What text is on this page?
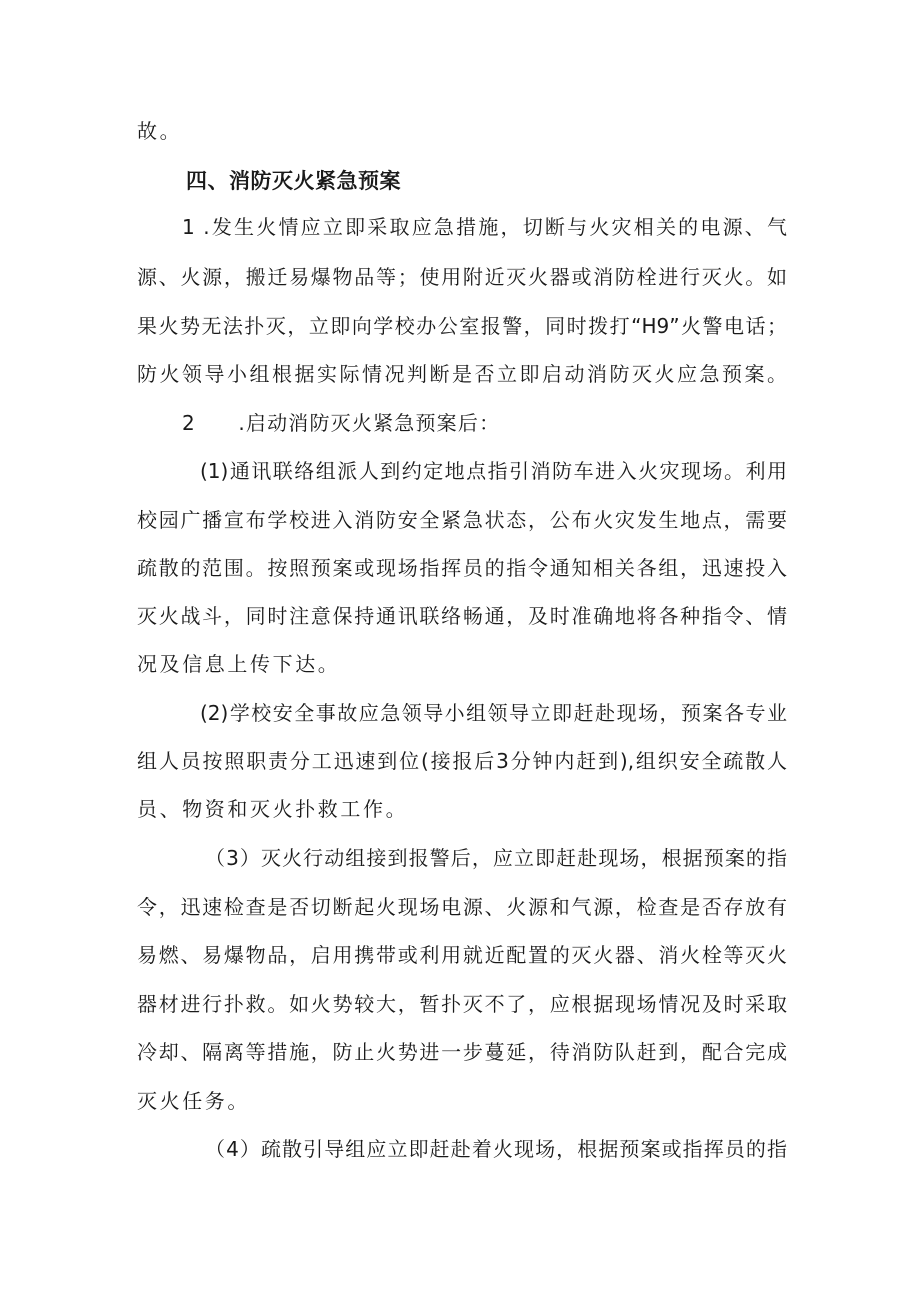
故。
四、消防灭火紧急预案
1 .发生火情应立即采取应急措施，切断与火灾相关的电源、气
源、火源，搬迁易爆物品等；使用附近灭火器或消防栓进行灭火。如
果火势无法扑灭，立即向学校办公室报警，同时拨打“H9”火警电话；
防火领导小组根据实际情况判断是否立即启动消防灭火应急预案。
2　　.启动消防灭火紧急预案后：
(1)通讯联络组派人到约定地点指引消防车进入火灾现场。利用
校园广播宣布学校进入消防安全紧急状态，公布火灾发生地点，需要
疏散的范围。按照预案或现场指挥员的指令通知相关各组，迅速投入
灭火战斗，同时注意保持通讯联络畅通，及时准确地将各种指令、情
况及信息上传下达。
(2)学校安全事故应急领导小组领导立即赶赴现场，预案各专业
组人员按照职责分工迅速到位(接报后3分钟内赶到),组织安全疏散人
员、物资和灭火扑救工作。
（3）灭火行动组接到报警后，应立即赶赴现场，根据预案的指
令，迅速检查是否切断起火现场电源、火源和气源，检查是否存放有
易燃、易爆物品，启用携带或利用就近配置的灭火器、消火栓等灭火
器材进行扑救。如火势较大，暂扑灭不了，应根据现场情况及时采取
冷却、隔离等措施，防止火势进一步蔓延，待消防队赶到，配合完成
灭火任务。
（4）疏散引导组应立即赶赴着火现场，根据预案或指挥员的指
